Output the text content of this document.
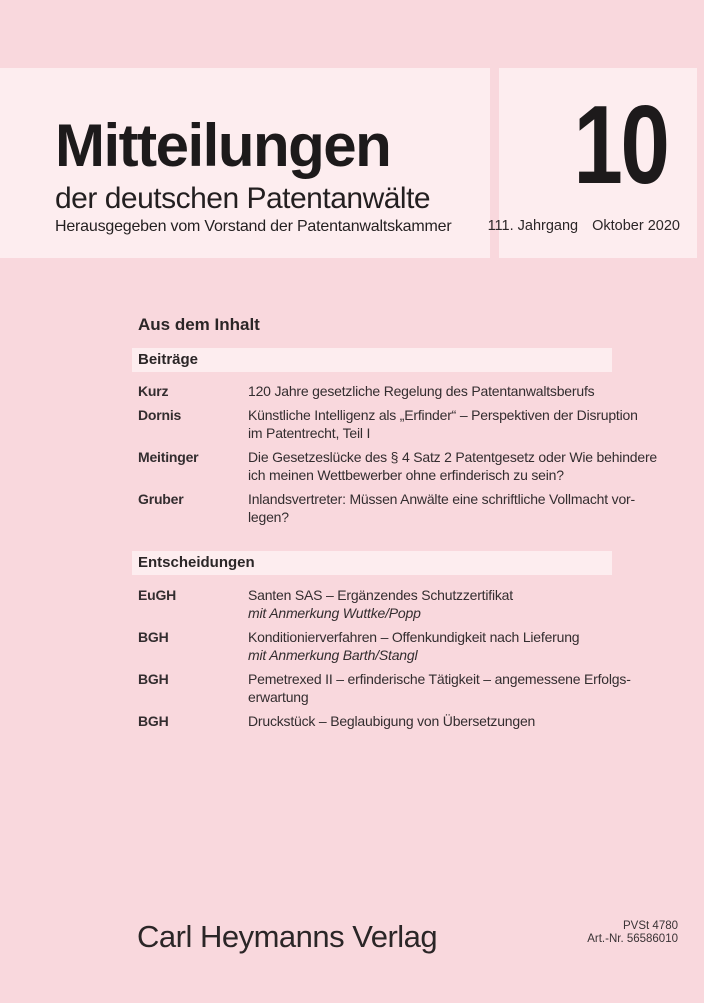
Mitteilungen
der deutschen Patentanwälte
Herausgegeben vom Vorstand der Patentanwaltskammer
10
111. Jahrgang Oktober 2020
Aus dem Inhalt
Beiträge
Kurz	120 Jahre gesetzliche Regelung des Patentanwaltsberufs
Dornis	Künstliche Intelligenz als „Erfinder“ – Perspektiven der Disruption
im Patentrecht, Teil I
Meitinger	Die Gesetzeslücke des § 4 Satz 2 Patentgesetz oder Wie behindere
ich meinen Wettbewerber ohne erfinderisch zu sein?
Gruber	Inlandsvertreter: Müssen Anwälte eine schriftliche Vollmacht vor-
legen?
Entscheidungen
EuGH	Santen SAS – Ergänzendes Schutzzertifikat
mit Anmerkung Wuttke/Popp
BGH	Konditionierverfahren – Offenkundigkeit nach Lieferung
mit Anmerkung Barth/Stangl
BGH	Pemetrexed II – erfinderische Tätigkeit – angemessene Erfolgs-
erwartung
BGH	Druckstück – Beglaubigung von Übersetzungen
Carl Heymanns Verlag	PVSt 4780
Art.-Nr. 56586010
